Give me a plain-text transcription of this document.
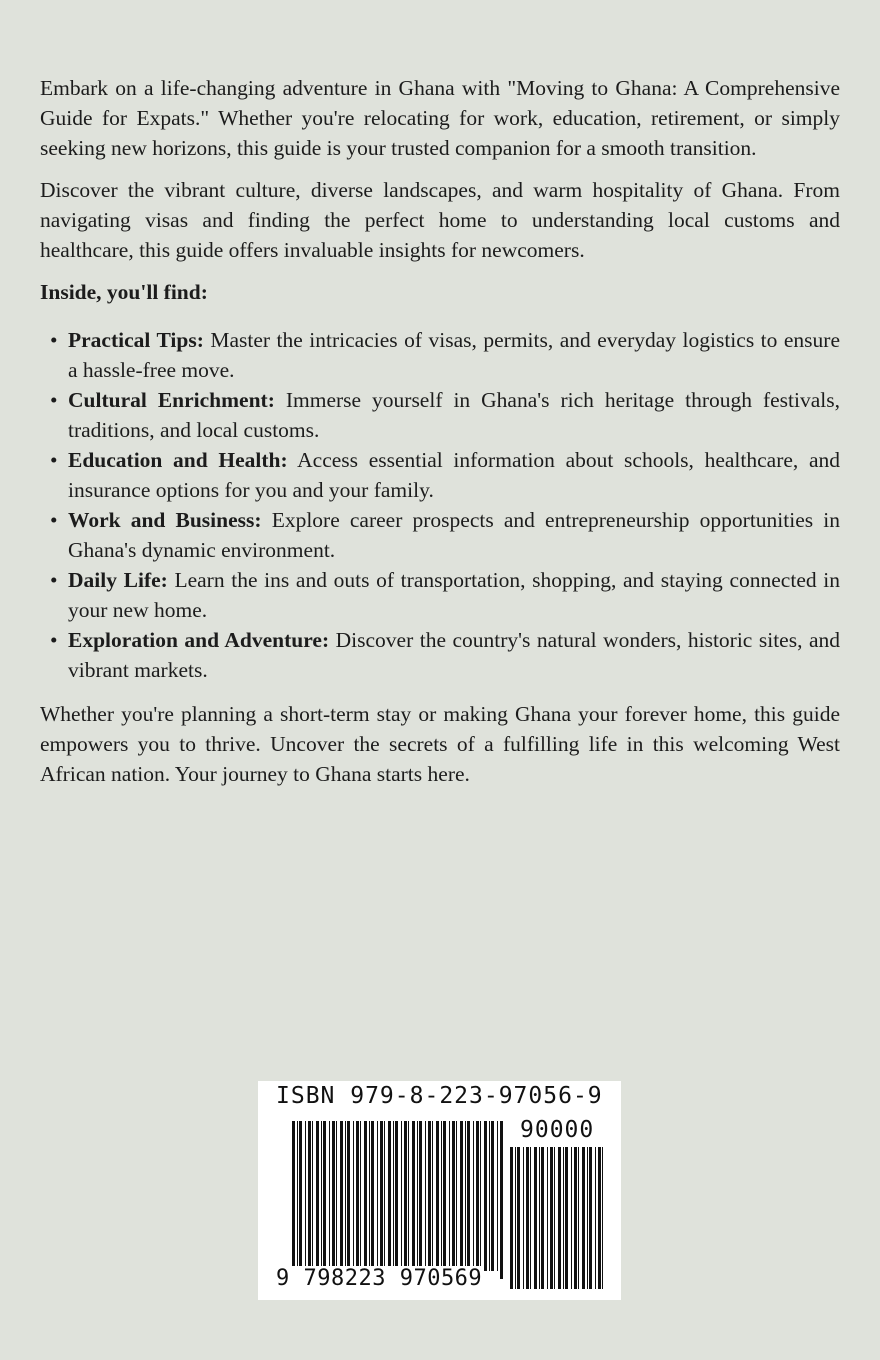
Embark on a life-changing adventure in Ghana with "Moving to Ghana: A Comprehensive Guide for Expats." Whether you're relocating for work, education, retirement, or simply seeking new horizons, this guide is your trusted companion for a smooth transition.

Discover the vibrant culture, diverse landscapes, and warm hospitality of Ghana. From navigating visas and finding the perfect home to understanding local customs and healthcare, this guide offers invaluable insights for newcomers.

Inside, you'll find:

• Practical Tips: Master the intricacies of visas, permits, and everyday logistics to ensure a hassle-free move.
• Cultural Enrichment: Immerse yourself in Ghana's rich heritage through festivals, traditions, and local customs.
• Education and Health: Access essential information about schools, healthcare, and insurance options for you and your family.
• Work and Business: Explore career prospects and entrepreneurship opportunities in Ghana's dynamic environment.
• Daily Life: Learn the ins and outs of transportation, shopping, and staying connected in your new home.
• Exploration and Adventure: Discover the country's natural wonders, historic sites, and vibrant markets.

Whether you're planning a short-term stay or making Ghana your forever home, this guide empowers you to thrive. Uncover the secrets of a fulfilling life in this welcoming West African nation. Your journey to Ghana starts here.

ISBN 979-8-223-97056-9
90000
9 798223 970569
